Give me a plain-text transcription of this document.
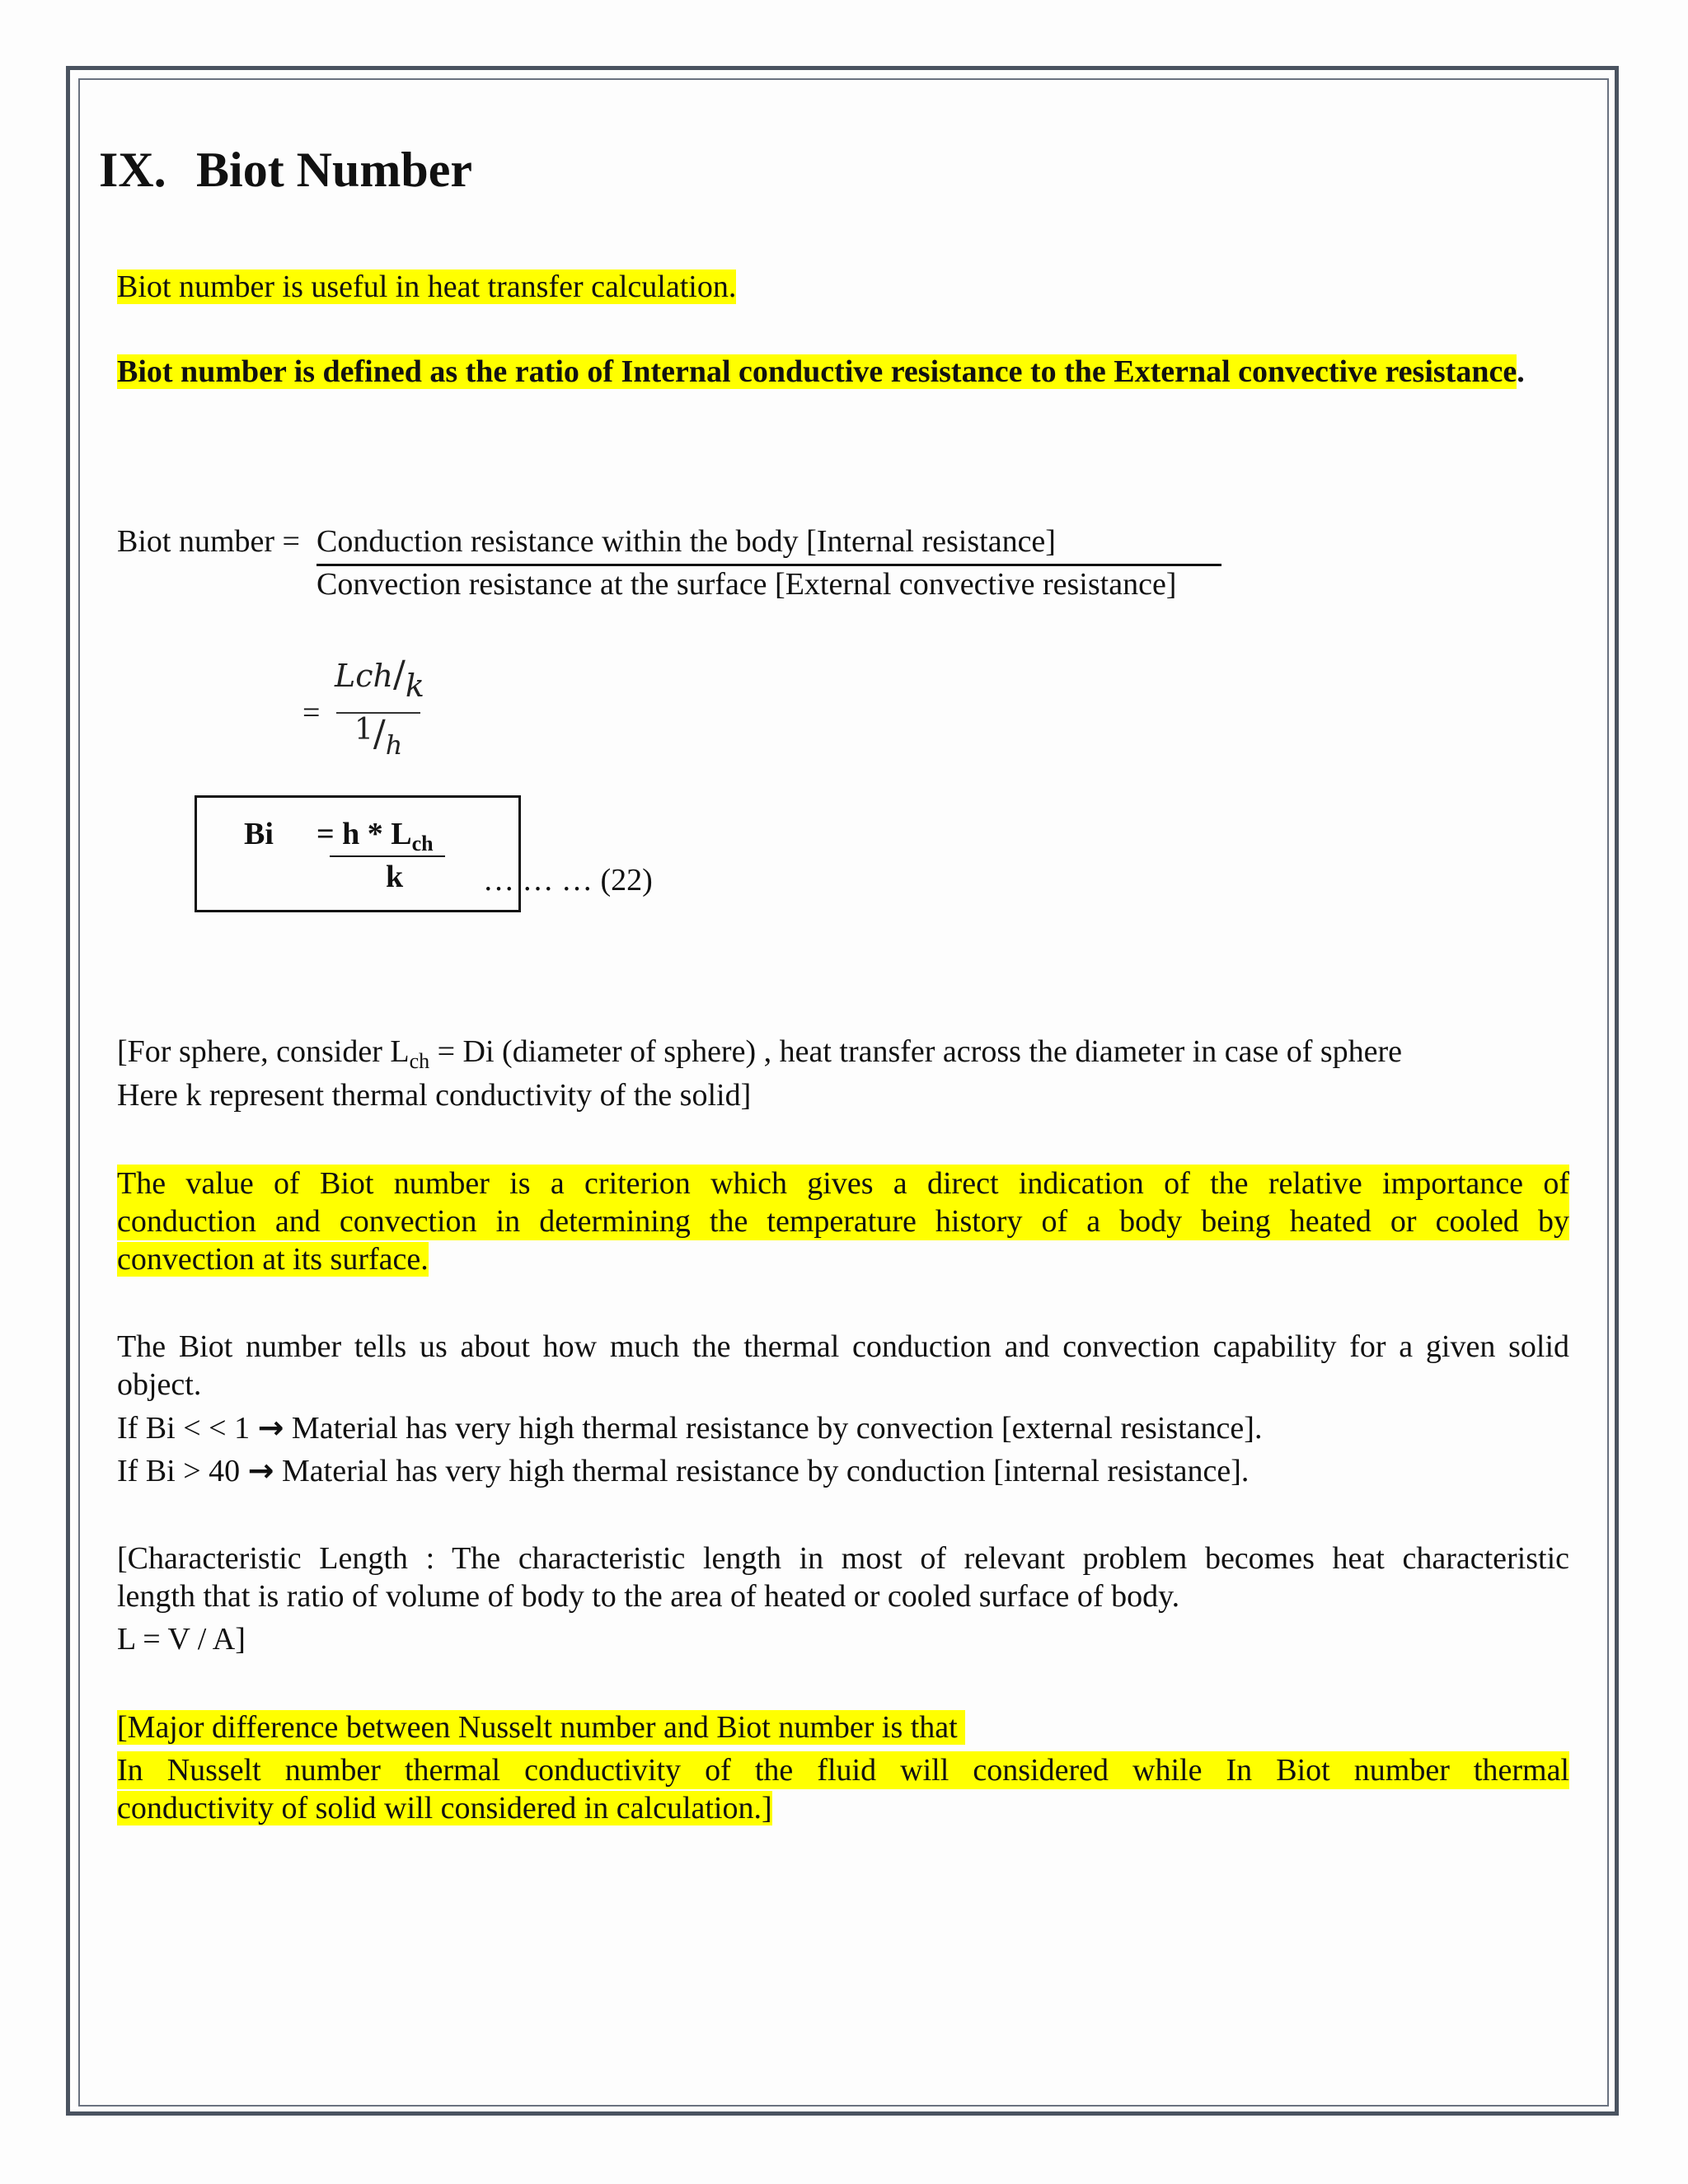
IX. Biot Number
Biot number is useful in heat transfer calculation.
Biot number is defined as the ratio of Internal conductive resistance to the External convective resistance.
Biot number = Conduction resistance within the body [Internal resistance]
Convection resistance at the surface [External convective resistance]
=
Lch/k
1/h
$Bi = h * L_{ch}$
k	… … … (22)
[For sphere, consider $L_{ch} = Di$ (diameter of sphere) , heat transfer across the diameter in case of sphere
Here k represent thermal conductivity of the solid]
The value of Biot number is a criterion which gives a direct indication of the relative importance of
conduction and convection in determining the temperature history of a body being heated or cooled by
convection at its surface.
The Biot number tells us about how much the thermal conduction and convection capability for a given solid
object.
If Bi < < 1 → Material has very high thermal resistance by convection [external resistance].
If Bi > 40 → Material has very high thermal resistance by conduction [internal resistance].
[Characteristic Length : The characteristic length in most of relevant problem becomes heat characteristic
length that is ratio of volume of body to the area of heated or cooled surface of body.
L = V / A]
[Major difference between Nusselt number and Biot number is that
In Nusselt number thermal conductivity of the fluid will considered while In Biot number thermal
conductivity of solid will considered in calculation.]
